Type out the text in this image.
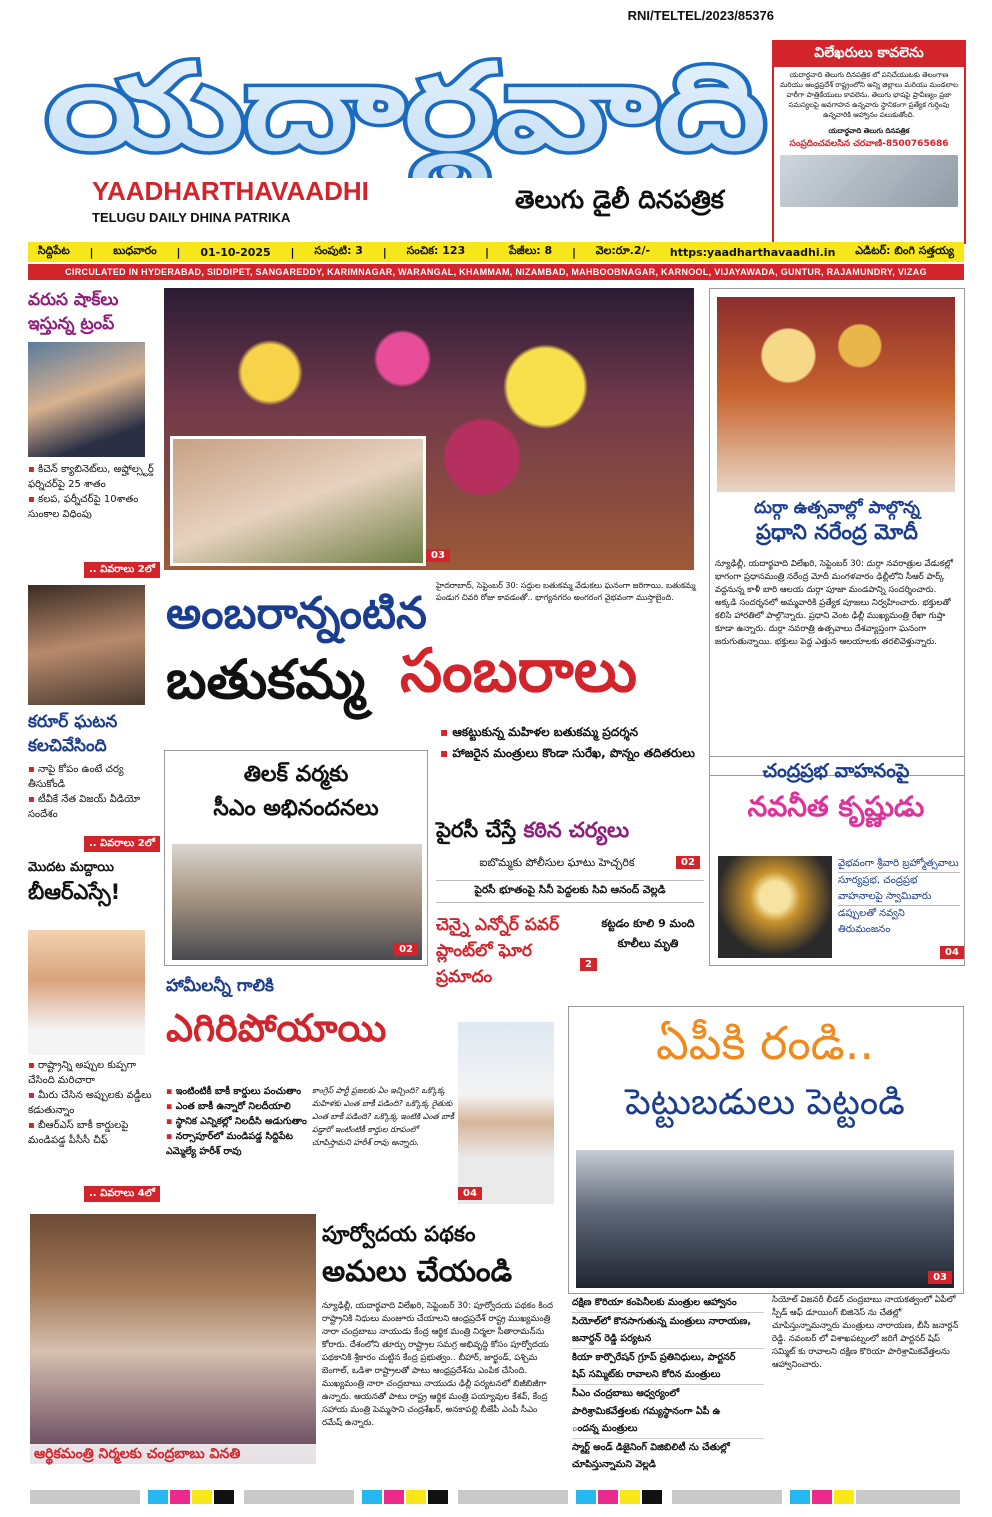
RNI/TELTEL/2023/85376
యదార్థవాది
YAADHARTHAVAADHI
TELUGU DAILY DHINA PATRIKA
తెలుగు డైలీ దినపత్రిక
విలేఖరులు కావలెను
యదార్థవాది తెలుగు దినపత్రిక లో పనిచేయుటకు తెలంగాణ మరియు ఆంధ్రప్రదేశ్ రాష్ట్రంలోని అన్ని జిల్లాలు మరియు మండలాల వారీగా పాత్రికేయులు కావలెను. తెలుగు భాషపై ప్రావీణ్యం ప్రజా సమస్యలపై అవగాహన ఉన్నవారు స్థానికంగా ప్రత్యేక గుర్తింపు ఉన్నవారికి ఆహ్వానం పలుకుతోంది.
యదార్థవాది తెలుగు దినపత్రిక
సంప్రదించవలసిన చరవాణి-8500765686
సిద్దిపేట | బుధవారం | 01-10-2025 | సంపుటి: 3 | సంచిక: 123 | పేజీలు: 8 | వెల:రూ.2/- https:yaadharthavaadhi.in ఎడిటర్: బింగి సత్తయ్య
CIRCULATED IN HYDERABAD, SIDDIPET, SANGAREDDY, KARIMNAGAR, WARANGAL, KHAMMAM, NIZAMBAD, MAHBOOBNAGAR, KARNOOL, VIJAYAWADA, GUNTUR, RAJAMUNDRY, VIZAG
వరుస షాక్‌లు ఇస్తున్న ట్రంప్
▪ కిచెన్ క్యాబినెట్‌లు, అప్హోల్స్టర్డ్ ఫర్నిచర్‌పై 25 శాతం
▪ కలప, ఫర్నీచర్‌పై 10శాతం సుంకాల విధింపు
.. వివరాలు 2లో
కరూర్ ఘటన కలచివేసింది
▪ నాపై కోపం ఉంటే చర్య తీసుకోండి
▪ టీవీకే నేత విజయ్ వీడియో సందేశం
.. వివరాలు 2లో
మొదట మద్దాయి
బీఆర్ఎస్సే!
▪ రాష్ట్రాన్ని అప్పుల కుప్పగా చేసింది మరిచారా
▪ మీరు చేసిన అప్పులకు వడ్డీలు కడుతున్నాం
▪ బీఆర్ఎస్ బాకీ కార్డులపై మండిపడ్డ పీసీసీ చీఫ్
.. వివరాలు 4లో
03
హైదరాబాద్, సెప్టెంబర్ 30: సద్దుల బతుకమ్మ వేడుకలు ఘనంగా జరిగాయి. బతుకమ్మ పండుగ చివరి రోజు కావడంతో.. భాగ్యనగరం అంగరంగ వైభవంగా ముస్తాబైంది.
అంబరాన్నంటిన
బతుకమ్మ సంబరాలు
▪ ఆకట్టుకున్న మహిళల బతుకమ్మ ప్రదర్శన
▪ హాజరైన మంత్రులు కొండా సురేఖ, పొన్నం తదితరులు
దుర్గా ఉత్సవాల్లో పాల్గొన్న
ప్రధాని నరేంద్ర మోదీ
న్యూఢిల్లీ, యదార్థవాది విలేఖరి, సెప్టెంబర్ 30: దుర్గా నవరాత్రుల వేడుకల్లో భాగంగా ప్రధానమంత్రి నరేంద్ర మోదీ మంగళవారం ఢిల్లీలోని సీఆర్ పార్క్ వద్దనున్న కాళీ బారి ఆలయ దుర్గా పూజా మండపాన్ని సందర్శించారు. అక్కడి సందర్శనలో అమ్మవారికి ప్రత్యేక పూజలు నిర్వహించారు. భక్తులతో కలిసి హారతిలో పాల్గొన్నారు. ప్రధాని వెంట ఢిల్లీ ముఖ్యమంత్రి రేఖా గుప్తా కూడా ఉన్నారు. దుర్గా నవరాత్రి ఉత్సవాలు దేశవ్యాప్తంగా ఘనంగా జరుగుతున్నాయి. భక్తులు పెద్ద ఎత్తున ఆలయాలకు తరలివెళ్తున్నారు.
తిలక్ వర్మకు
సీఎం అభినందనలు
02
పైరసీ చేస్తే కఠిన చర్యలు
ఐబొమ్మకు పోలీసుల ఘాటు హెచ్చరిక	02
పైరసీ భూతంపై సినీ పెద్దలకు సివి ఆనంద్ వెల్లడి
చెన్నై ఎన్నోర్ పవర్ ప్లాంట్‌లో ఘోర ప్రమాదం
కట్టడం కూలి 9 మంది కూలీలు మృతి
2
చంద్రప్రభ వాహనంపై
నవనీత కృష్ణుడు
వైభవంగా శ్రీవారి బ్రహ్మోత్సవాలు
సూర్యప్రభ, చంద్రప్రభ వాహనాలపై స్వామివారు
డప్పులతో నవ్వని తిరుమంజనం
04
హామీలన్నీ గాలికి
ఎగిరిపోయాయి
▪ ఇంటింటికీ బాకీ కార్డులు పంచుతాం
▪ ఎంత బాకీ ఉన్నారో నిలదీయాలి
▪ స్థానిక ఎన్నికల్లో నిలదీసి అడుగుతాం
▪ నర్సాపూర్‌లో మండిపడ్డ సిద్దిపేట ఎమ్మెల్యే హరీశ్ రావు
కాంగ్రెస్ పార్టీ ప్రజలకు ఏం ఇచ్చింది? ఒక్కొక్క మహిళకు ఎంత బాకీ పడింది? ఒక్కొక్క రైతుకు ఎంత బాకీ పడింది? ఒక్కొక్క ఇంటికి ఎంత బాకీ పడ్డారో ఇంటింటికీ కార్డుల రూపంలో చూపిస్తామని హరీశ్ రావు అన్నారు.
04
ఏపీకి రండి..
పెట్టుబడులు పెట్టండి
03
దక్షిణ కొరియా కంపెనీలకు మంత్రుల ఆహ్వానం
సియోల్‌లో కొనసాగుతున్న మంత్రులు నారాయణ,
జనార్దన్ రెడ్డి పర్యటన
కియా కార్పొరేషన్ గ్రూప్ ప్రతినిధులు, పార్టనర్
షిప్ సమ్మిట్‌కు రావాలని కోరిన మంత్రులు
సీఎం చంద్రబాబు ఆధ్వర్యంలో
పారిశ్రామికవేత్తలకు గమ్యస్థానంగా ఏపీ ఉ
ందన్న మంత్రులు
స్మార్ట్ అండ్ డిజైనింగ్ విజిబిలిటీ ను చేతుల్లో
చూపిస్తున్నామని వెల్లడి
సియోల్ విజనరీ లీడర్ చంద్రబాబు నాయకత్వంలో ఏపీలో స్పీడ్ ఆఫ్ డూయింగ్ బిజినెస్ ను చేతల్లో చూపిస్తున్నామన్నారు మంత్రులు నారాయణ, బీసీ జనార్దన్ రెడ్డి. నవంబర్ లో విశాఖపట్నంలో జరిగే పార్టనర్ షిప్ సమ్మిట్ కు రావాలని దక్షిణ కొరియా పారిశ్రామికవేత్తలను ఆహ్వానించారు.
ఆర్థికమంత్రి నిర్మలకు చంద్రబాబు వినతి
పూర్వోదయ పథకం
అమలు చేయండి
న్యూఢిల్లీ, యదార్థవాది విలేఖరి, సెప్టెంబర్ 30: పూర్వోదయ పథకం కింద రాష్ట్రానికి నిధులు మంజూరు చేయాలని ఆంధ్రప్రదేశ్ రాష్ట్ర ముఖ్యమంత్రి నారా చంద్రబాబు నాయుడు కేంద్ర ఆర్థిక మంత్రి నిర్మలా సీతారామన్‌ను కోరారు. దేశంలోని తూర్పు రాష్ట్రాల సమగ్ర అభివృద్ధి కోసం పూర్వోదయ పథకానికి శ్రీకారం చుట్టిన కేంద్ర ప్రభుత్వం.. బీహార్, జార్ఖండ్, పశ్చిమ బెంగాల్, ఒడిశా రాష్ట్రాలతో పాటు ఆంధ్రప్రదేశ్‌ను ఎంపిక చేసింది. ముఖ్యమంత్రి నారా చంద్రబాబు నాయుడు ఢిల్లీ పర్యటనలో బిజీబిజీగా ఉన్నారు. ఆయనతో పాటు రాష్ట్ర ఆర్థిక మంత్రి పయ్యావుల కేశవ్, కేంద్ర సహాయ మంత్రి పెమ్మసాని చంద్రశేఖర్, అనకాపల్లి బీజేపీ ఎంపీ సీఎం రమేష్ ఉన్నారు.
